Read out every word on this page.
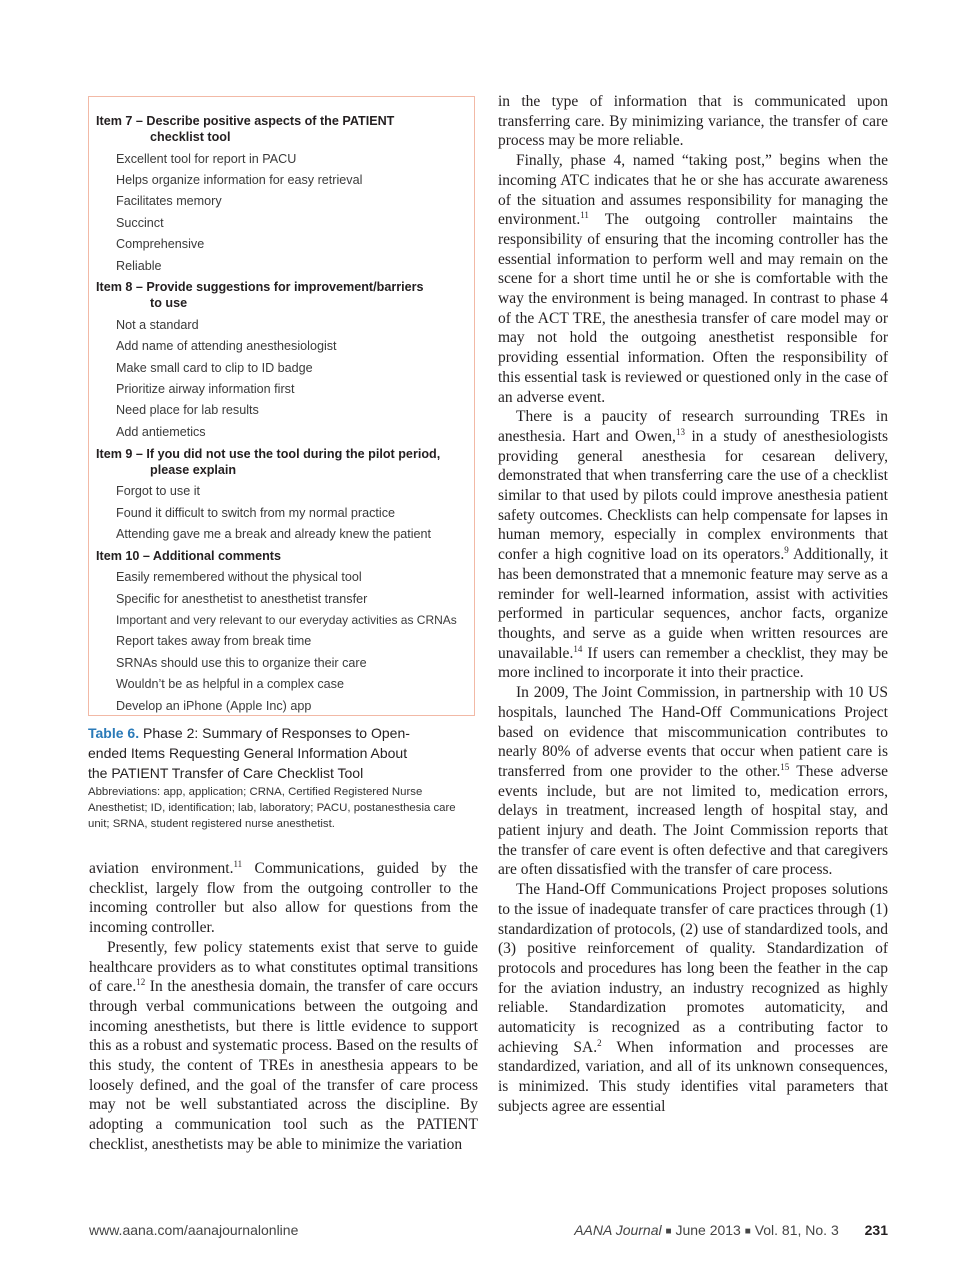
Item 7 – Describe positive aspects of the PATIENT
checklist tool
Excellent tool for report in PACU
Helps organize information for easy retrieval
Facilitates memory
Succinct
Comprehensive
Reliable
Item 8 – Provide suggestions for improvement/barriers
to use
Not a standard
Add name of attending anesthesiologist
Make small card to clip to ID badge
Prioritize airway information first
Need place for lab results
Add antiemetics
Item 9 – If you did not use the tool during the pilot period,
please explain
Forgot to use it
Found it difficult to switch from my normal practice
Attending gave me a break and already knew the patient
Item 10 – Additional comments
Easily remembered without the physical tool
Specific for anesthetist to anesthetist transfer
Important and very relevant to our everyday activities as CRNAs
Report takes away from break time
SRNAs should use this to organize their care
Wouldn’t be as helpful in a complex case
Develop an iPhone (Apple Inc) app
Table 6. Phase 2: Summary of Responses to Open-
ended Items Requesting General Information About
the PATIENT Transfer of Care Checklist Tool
Abbreviations: app, application; CRNA, Certified Registered Nurse Anesthetist; ID, identification; lab, laboratory; PACU, postanesthesia care unit; SRNA, student registered nurse anesthetist.

aviation environment.$^{11}$ Communications, guided by the checklist, largely flow from the outgoing controller to the incoming controller but also allow for questions from the incoming controller.

Presently, few policy statements exist that serve to guide healthcare providers as to what constitutes optimal transitions of care.$^{12}$ In the anesthesia domain, the transfer of care occurs through verbal communications between the outgoing and incoming anesthetists, but there is little evidence to support this as a robust and systematic process. Based on the results of this study, the content of TREs in anesthesia appears to be loosely defined, and the goal of the transfer of care process may not be well substantiated across the discipline. By adopting a communication tool such as the PATIENT checklist, anesthetists may be able to minimize the variation

in the type of information that is communicated upon transferring care. By minimizing variance, the transfer of care process may be more reliable.

Finally, phase 4, named “taking post,” begins when the incoming ATC indicates that he or she has accurate awareness of the situation and assumes responsibility for managing the environment.$^{11}$ The outgoing controller maintains the responsibility of ensuring that the incoming controller has the essential information to perform well and may remain on the scene for a short time until he or she is comfortable with the way the environment is being managed. In contrast to phase 4 of the ACT TRE, the anesthesia transfer of care model may or may not hold the outgoing anesthetist responsible for providing essential information. Often the responsibility of this essential task is reviewed or questioned only in the case of an adverse event.

There is a paucity of research surrounding TREs in anesthesia. Hart and Owen,$^{13}$ in a study of anesthesiologists providing general anesthesia for cesarean delivery, demonstrated that when transferring care the use of a checklist similar to that used by pilots could improve anesthesia patient safety outcomes. Checklists can help compensate for lapses in human memory, especially in complex environments that confer a high cognitive load on its operators.$^9$ Additionally, it has been demonstrated that a mnemonic feature may serve as a reminder for well-learned information, assist with activities performed in particular sequences, anchor facts, organize thoughts, and serve as a guide when written resources are unavailable.$^{14}$ If users can remember a checklist, they may be more inclined to incorporate it into their practice.

In 2009, The Joint Commission, in partnership with 10 US hospitals, launched The Hand-Off Communications Project based on evidence that miscommunication contributes to nearly 80% of adverse events that occur when patient care is transferred from one provider to the other.$^{15}$ These adverse events include, but are not limited to, medication errors, delays in treatment, increased length of hospital stay, and patient injury and death. The Joint Commission reports that the transfer of care event is often defective and that caregivers are often dissatisfied with the transfer of care process.

The Hand-Off Communications Project proposes solutions to the issue of inadequate transfer of care practices through (1) standardization of protocols, (2) use of standardized tools, and (3) positive reinforcement of quality. Standardization of protocols and procedures has long been the feather in the cap for the aviation industry, an industry recognized as highly reliable. Standardization promotes automaticity, and automaticity is recognized as a contributing factor to achieving SA.$^2$ When information and processes are standardized, variation, and all of its unknown consequences, is minimized. This study identifies vital parameters that subjects agree are essential

www.aana.com/aanajournalonline	AANA Journal ■ June 2013 ■ Vol. 81, No. 3 231
